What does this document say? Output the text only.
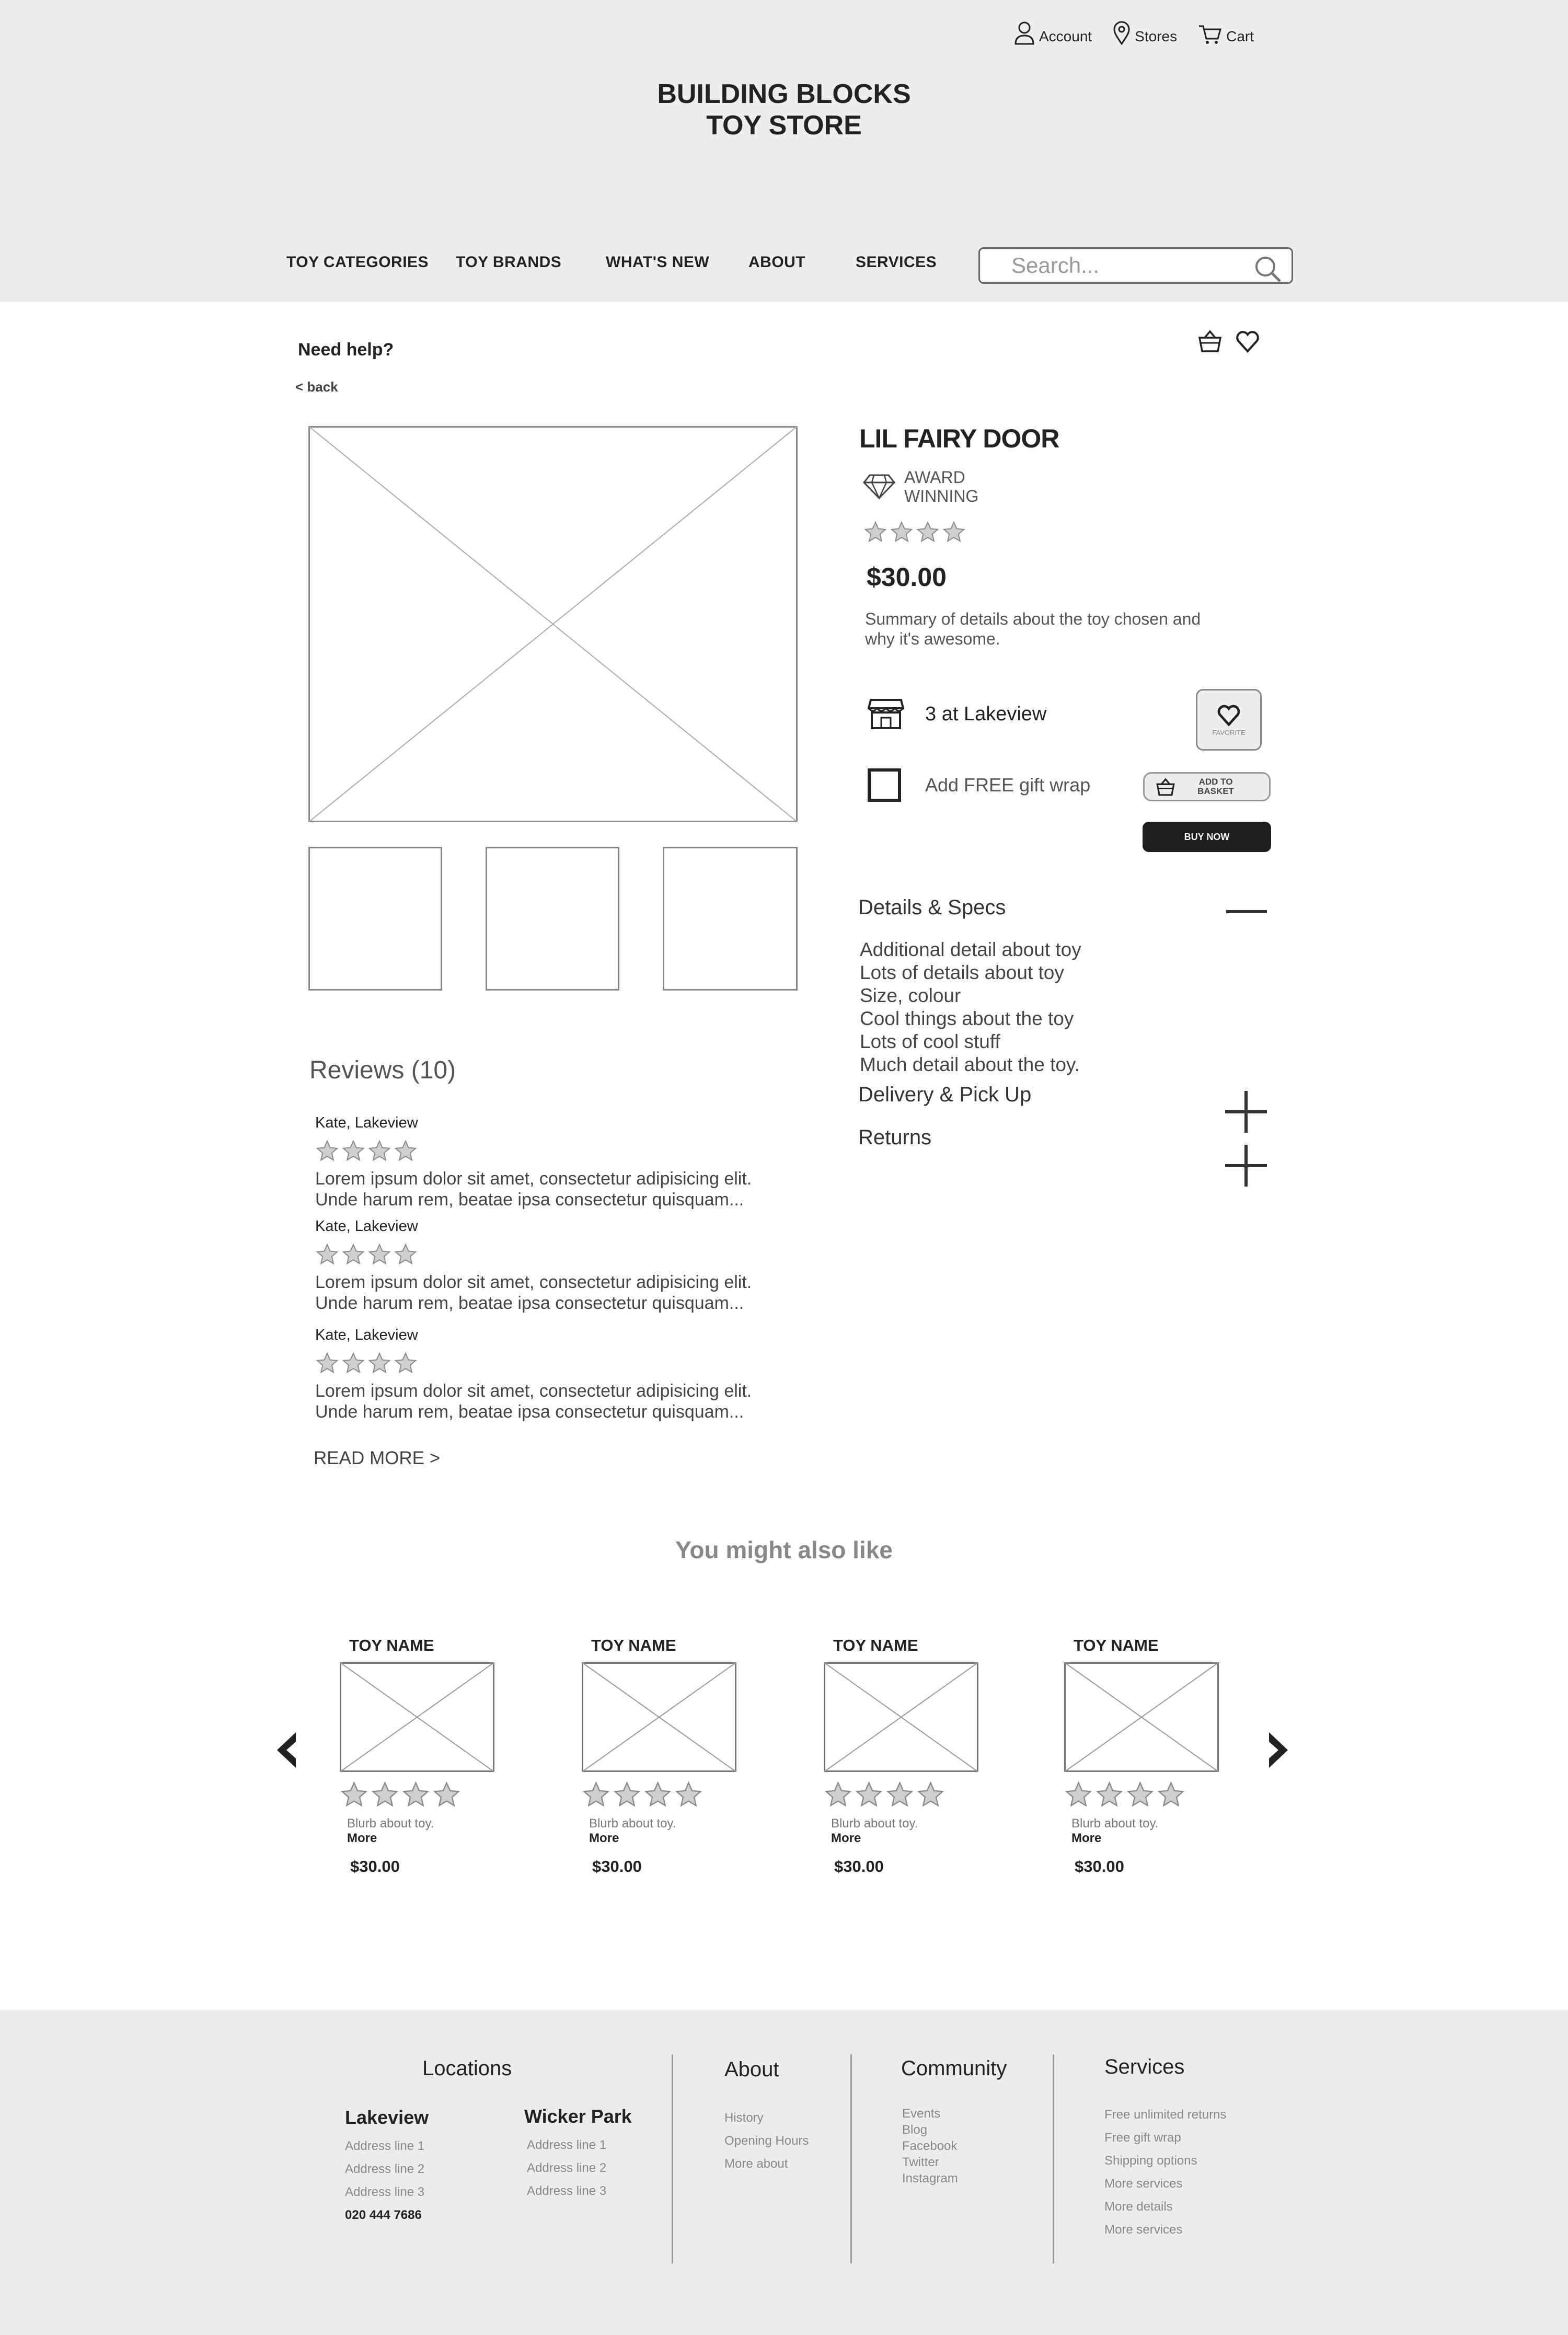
Account	Stores	Cart
BUILDING BLOCKS
TOY STORE
TOY CATEGORIES	TOY BRANDS	WHAT'S NEW	ABOUT	SERVICES
Search...
Need help?
< back
LIL FAIRY DOOR
AWARD
WINNING
$30.00
Summary of details about the toy chosen and why it's awesome.
3 at Lakeview
Add FREE gift wrap
FAVORITE
ADD TO BASKET
BUY NOW
Details & Specs
Additional detail about toy
Lots of details about toy
Size, colour
Cool things about the toy
Lots of cool stuff
Much detail about the toy.
Delivery & Pick Up
Returns
Reviews (10)
Kate, Lakeview
Lorem ipsum dolor sit amet, consectetur adipisicing elit.
Unde harum rem, beatae ipsa consectetur quisquam...
Kate, Lakeview
Lorem ipsum dolor sit amet, consectetur adipisicing elit.
Unde harum rem, beatae ipsa consectetur quisquam...
Kate, Lakeview
Lorem ipsum dolor sit amet, consectetur adipisicing elit.
Unde harum rem, beatae ipsa consectetur quisquam...
READ MORE >
You might also like
TOY NAME
Blurb about toy.
More
$30.00
TOY NAME
Blurb about toy.
More
$30.00
TOY NAME
Blurb about toy.
More
$30.00
TOY NAME
Blurb about toy.
More
$30.00
Locations
Lakeview
Address line 1
Address line 2
Address line 3
020 444 7686
Wicker Park
Address line 1
Address line 2
Address line 3
About
History
Opening Hours
More about
Community
Events
Blog
Facebook
Twitter
Instagram
Services
Free unlimited returns
Free gift wrap
Shipping options
More services
More details
More services
